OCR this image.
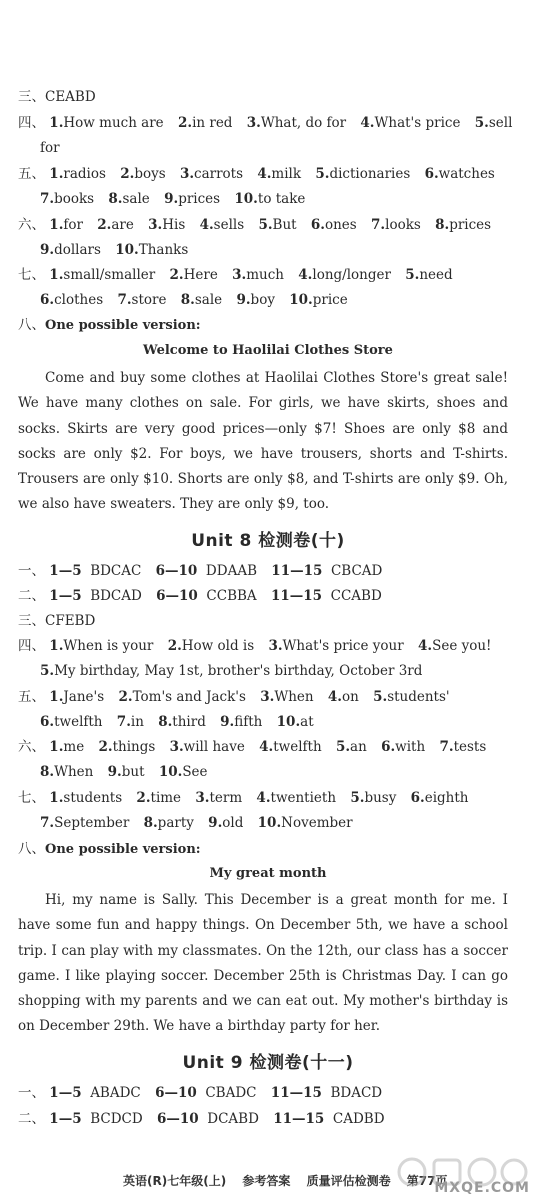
三、CEABD
四、 1.How much are 2.in red 3.What, do for 4.What's price 5.sell
for
五、 1.radios 2.boys 3.carrots 4.milk 5.dictionaries 6.watches
7.books 8.sale 9.prices 10.to take
六、 1.for 2.are 3.His 4.sells 5.But 6.ones 7.looks 8.prices
9.dollars 10.Thanks
七、 1.small/smaller 2.Here 3.much 4.long/longer 5.need
6.clothes 7.store 8.sale 9.boy 10.price
八、One possible version:
Welcome to Haolilai Clothes Store

Come and buy some clothes at Haolilai Clothes Store's great sale! We have many clothes on sale. For girls, we have skirts, shoes and socks. Skirts are very good prices—only $7! Shoes are only $8 and socks are only $2. For boys, we have trousers, shorts and T-shirts. Trousers are only $10. Shorts are only $8, and T-shirts are only $9. Oh, we also have sweaters. They are only $9, too.

Unit 8 检测卷(十)
一、 1—5 BDCAC 6—10 DDAAB 11—15 CBCAD
二、 1—5 BDCAD 6—10 CCBBA 11—15 CCABD
三、CFEBD
四、 1.When is your 2.How old is 3.What's price your 4.See you!
5.My birthday, May 1st, brother's birthday, October 3rd
五、 1.Jane's 2.Tom's and Jack's 3.When 4.on 5.students'
6.twelfth 7.in 8.third 9.fifth 10.at
六、 1.me 2.things 3.will have 4.twelfth 5.an 6.with 7.tests
8.When 9.but 10.See
七、 1.students 2.time 3.term 4.twentieth 5.busy 6.eighth
7.September 8.party 9.old 10.November
八、One possible version:
My great month

Hi, my name is Sally. This December is a great month for me. I have some fun and happy things. On December 5th, we have a school trip. I can play with my classmates. On the 12th, our class has a soccer game. I like playing soccer. December 25th is Christmas Day. I can go shopping with my parents and we can eat out. My mother's birthday is on December 29th. We have a birthday party for her.

Unit 9 检测卷(十一)
一、 1—5 ABADC 6—10 CBADC 11—15 BDACD
二、 1—5 BCDCD 6—10 DCABD 11—15 CADBD
英语(R)七年级(上) 参考答案 质量评估检测卷 第77页
MXQE.COM
